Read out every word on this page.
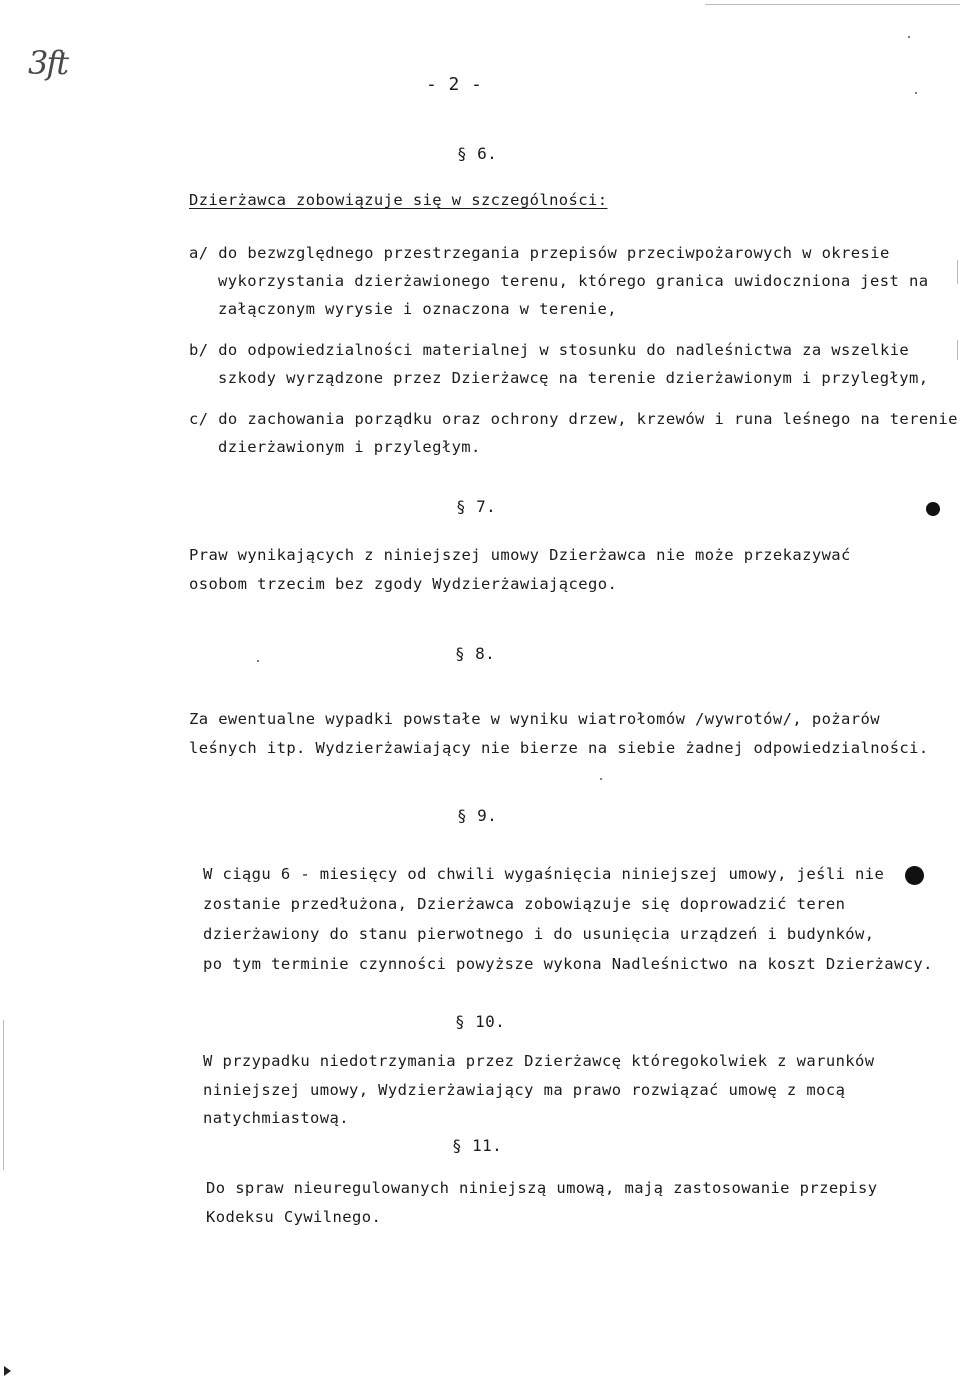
3ft
- 2 -
§ 6.
Dzierżawca zobowiązuje się w szczególności:
a/ do bezwzględnego przestrzegania przepisów przeciwpożarowych w okresie
wykorzystania dzierżawionego terenu, którego granica uwidoczniona jest na
załączonym wyrysie i oznaczona w terenie,
b/ do odpowiedzialności materialnej w stosunku do nadleśnictwa za wszelkie
szkody wyrządzone przez Dzierżawcę na terenie dzierżawionym i przyległym,
c/ do zachowania porządku oraz ochrony drzew, krzewów i runa leśnego na terenie
dzierżawionym i przyległym.
§ 7.
Praw wynikających z niniejszej umowy Dzierżawca nie może przekazywać
osobom trzecim bez zgody Wydzierżawiającego.
§ 8.
Za ewentualne wypadki powstałe w wyniku wiatrołomów /wywrotów/, pożarów
leśnych itp. Wydzierżawiający nie bierze na siebie żadnej odpowiedzialności.
§ 9.
W ciągu 6 - miesięcy od chwili wygaśnięcia niniejszej umowy, jeśli nie
zostanie przedłużona, Dzierżawca zobowiązuje się doprowadzić teren
dzierżawiony do stanu pierwotnego i do usunięcia urządzeń i budynków,
po tym terminie czynności powyższe wykona Nadleśnictwo na koszt Dzierżawcy.
§ 10.
W przypadku niedotrzymania przez Dzierżawcę któregokolwiek z warunków
niniejszej umowy, Wydzierżawiający ma prawo rozwiązać umowę z mocą
natychmiastową.
§ 11.
Do spraw nieuregulowanych niniejszą umową, mają zastosowanie przepisy
Kodeksu Cywilnego.
